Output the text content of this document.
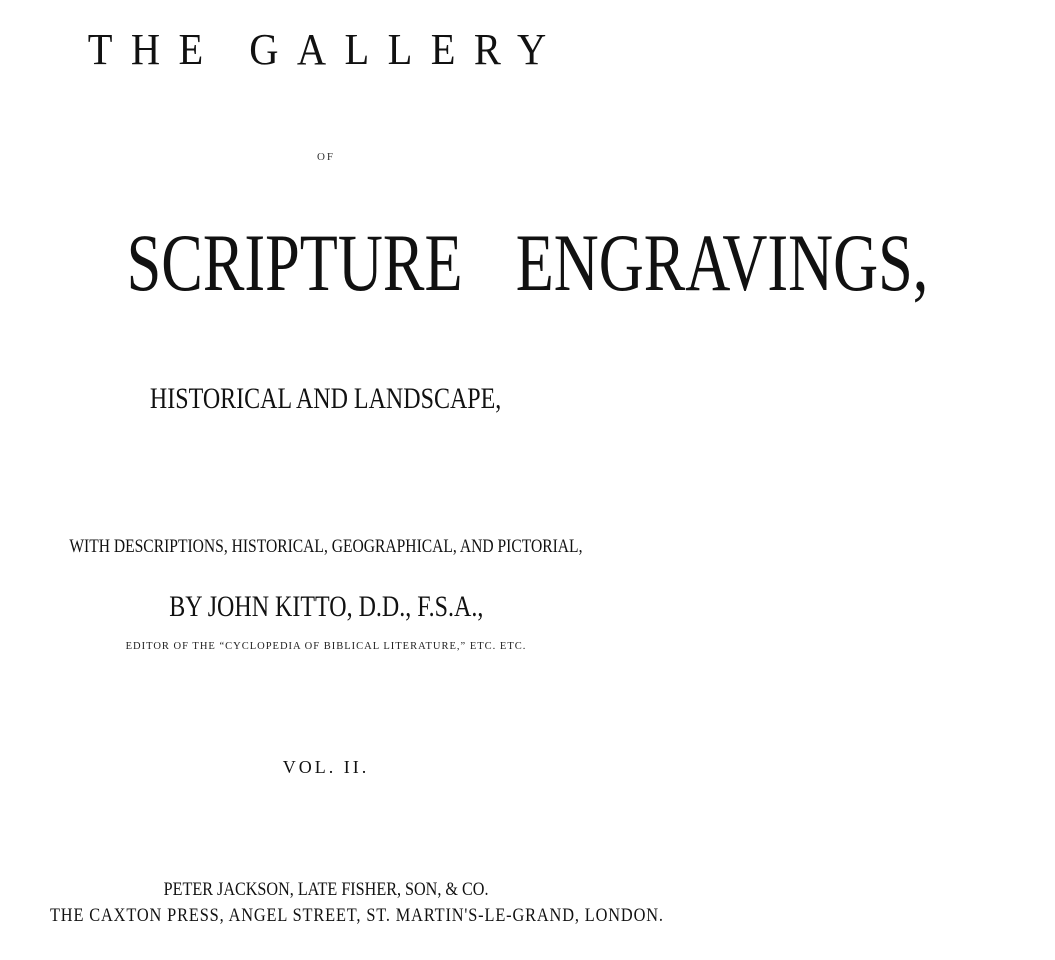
THE GALLERY
OF
SCRIPTURE ENGRAVINGS,
HISTORICAL AND LANDSCAPE,
WITH DESCRIPTIONS, HISTORICAL, GEOGRAPHICAL, AND PICTORIAL,
BY JOHN KITTO, D.D., F.S.A.,
EDITOR OF THE “CYCLOPEDIA OF BIBLICAL LITERATURE,” ETC. ETC.
VOL. II.
PETER JACKSON, LATE FISHER, SON, & CO.
THE CAXTON PRESS, ANGEL STREET, ST. MARTIN'S-LE-GRAND, LONDON.
